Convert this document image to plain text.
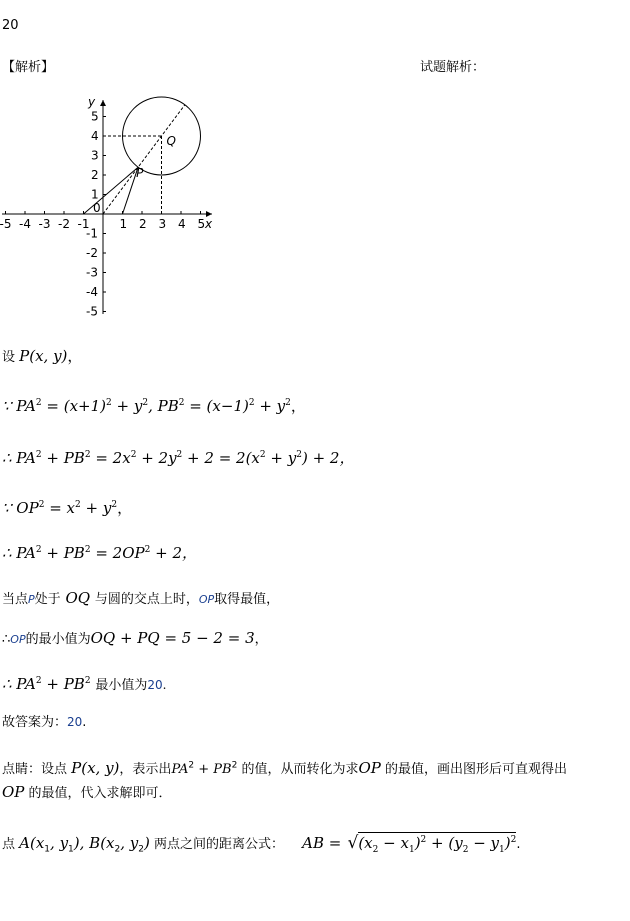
20
【解析】	试题解析：
x
y
-5 -4 -3 -2 -1	1 2 3 4 5
0
1
2
3
4
5
-1
-2
-3
-4
-5
Q
P
设 P(x, y)，
∵ $PA^2 = (x+1)^2 + y^2$, $PB^2 = (x-1)^2 + y^2$，
∴ $PA^2 + PB^2 = 2x^2 + 2y^2 + 2 = 2(x^2 + y^2) + 2$，
∵ $OP^2 = x^2 + y^2$，
∴ $PA^2 + PB^2 = 2OP^2 + 2$，
当点P处于 OQ 与圆的交点上时，OP取得最值，
∴OP的最小值为OQ + PQ = 5 − 2 = 3，
∴ $PA^2 + PB^2$ 最小值为20.
故答案为：20.
点睛：设点 P(x, y)，表示出$PA^2 + PB^2$ 的值，从而转化为求OP 的最值，画出图形后可直观得出
OP 的最值，代入求解即可．
点 $A(x_1$, $y_1$), $B(x_2$, $y_2$) 两点之间的距离公式： AB = $√(x_2 - x_1)^2 + (y_2 - y_1)^2$.
